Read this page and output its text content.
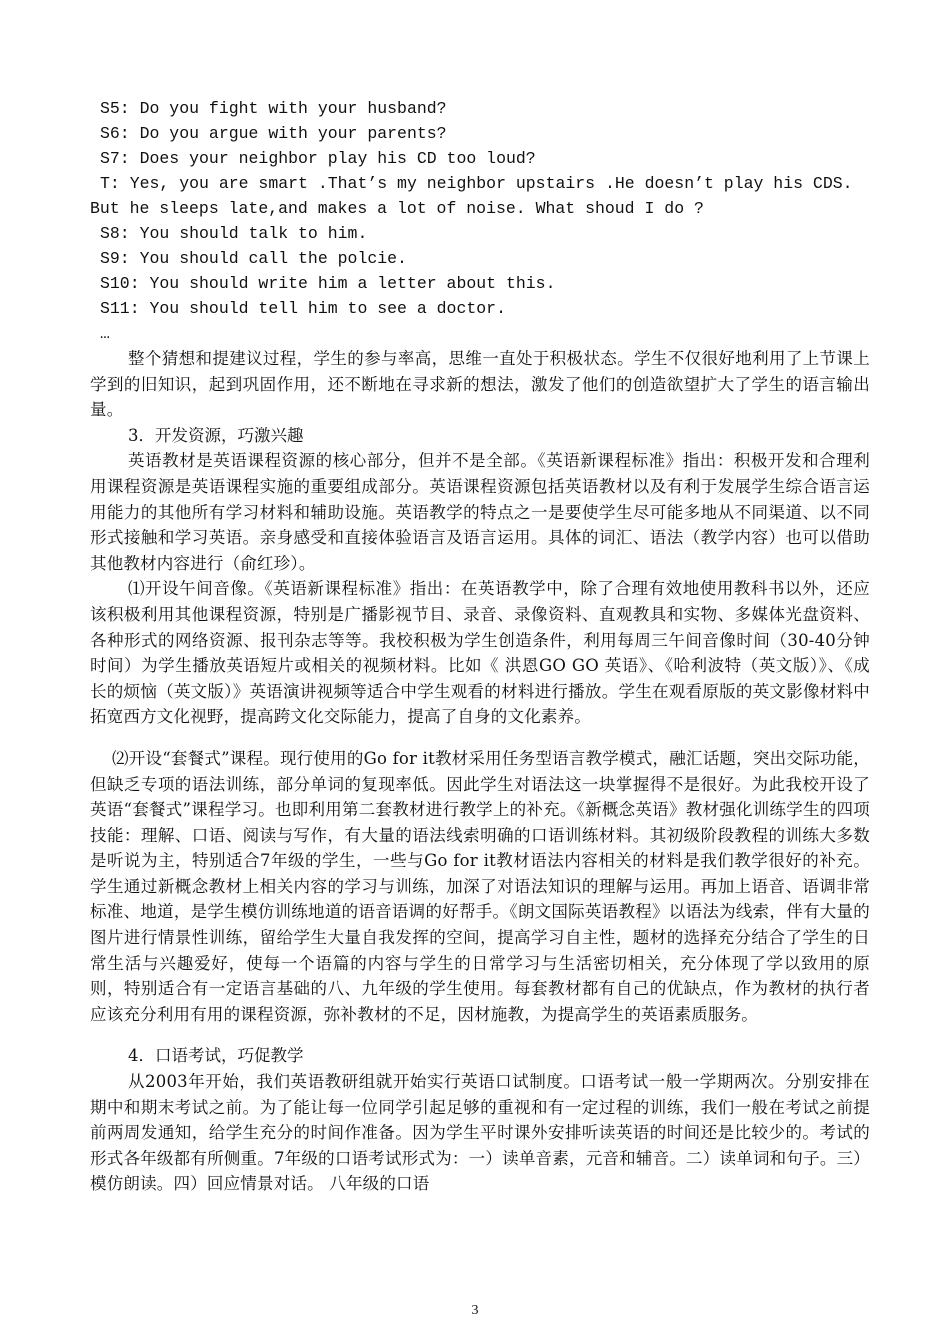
S5: Do you fight with your husband?

S6: Do you argue with your parents?

S7: Does your neighbor play his CD too loud?

T: Yes, you are smart .That’s my neighbor upstairs .He doesn’t play his CDS.

But he sleeps late,and makes a lot of noise. What shoud I do ?

S8: You should talk to him.

S9: You should call the polcie.

S10: You should write him a letter about this.

S11: You should tell him to see a doctor.

…

整个猜想和提建议过程，学生的参与率高，思维一直处于积极状态。学生不仅很好地利用了上节课上学到的旧知识，起到巩固作用，还不断地在寻求新的想法，激发了他们的创造欲望扩大了学生的语言输出量。

3．开发资源，巧激兴趣

英语教材是英语课程资源的核心部分，但并不是全部。《英语新课程标准》指出：积极开发和合理利用课程资源是英语课程实施的重要组成部分。英语课程资源包括英语教材以及有利于发展学生综合语言运用能力的其他所有学习材料和辅助设施。英语教学的特点之一是要使学生尽可能多地从不同渠道、以不同形式接触和学习英语。亲身感受和直接体验语言及语言运用。具体的词汇、语法（教学内容）也可以借助其他教材内容进行（俞红珍）。

⑴开设午间音像。《英语新课程标准》指出：在英语教学中，除了合理有效地使用教科书以外，还应该积极利用其他课程资源，特别是广播影视节目、录音、录像资料、直观教具和实物、多媒体光盘资料、各种形式的网络资源、报刊杂志等等。我校积极为学生创造条件，利用每周三午间音像时间（30-40分钟时间）为学生播放英语短片或相关的视频材料。比如《 洪恩GO GO 英语》、《哈利波特（英文版）》、《成长的烦恼（英文版）》英语演讲视频等适合中学生观看的材料进行播放。学生在观看原版的英文影像材料中拓宽西方文化视野，提高跨文化交际能力，提高了自身的文化素养。

⑵开设“套餐式”课程。现行使用的Go for it教材采用任务型语言教学模式，融汇话题，突出交际功能，但缺乏专项的语法训练，部分单词的复现率低。因此学生对语法这一块掌握得不是很好。为此我校开设了英语“套餐式”课程学习。也即利用第二套教材进行教学上的补充。《新概念英语》教材强化训练学生的四项技能：理解、口语、阅读与写作，有大量的语法线索明确的口语训练材料。其初级阶段教程的训练大多数是听说为主，特别适合7年级的学生，一些与Go for it教材语法内容相关的材料是我们教学很好的补充。学生通过新概念教材上相关内容的学习与训练，加深了对语法知识的理解与运用。再加上语音、语调非常标准、地道，是学生模仿训练地道的语音语调的好帮手。《朗文国际英语教程》以语法为线索，伴有大量的图片进行情景性训练，留给学生大量自我发挥的空间，提高学习自主性，题材的选择充分结合了学生的日常生活与兴趣爱好，使每一个语篇的内容与学生的日常学习与生活密切相关，充分体现了学以致用的原则，特别适合有一定语言基础的八、九年级的学生使用。每套教材都有自己的优缺点，作为教材的执行者应该充分利用有用的课程资源，弥补教材的不足，因材施教，为提高学生的英语素质服务。

4．口语考试，巧促教学

从2003年开始，我们英语教研组就开始实行英语口试制度。口语考试一般一学期两次。分别安排在期中和期末考试之前。为了能让每一位同学引起足够的重视和有一定过程的训练，我们一般在考试之前提前两周发通知，给学生充分的时间作准备。因为学生平时课外安排听读英语的时间还是比较少的。考试的形式各年级都有所侧重。7年级的口语考试形式为：一）读单音素，元音和辅音。二）读单词和句子。三）模仿朗读。四）回应情景对话。 八年级的口语

3
